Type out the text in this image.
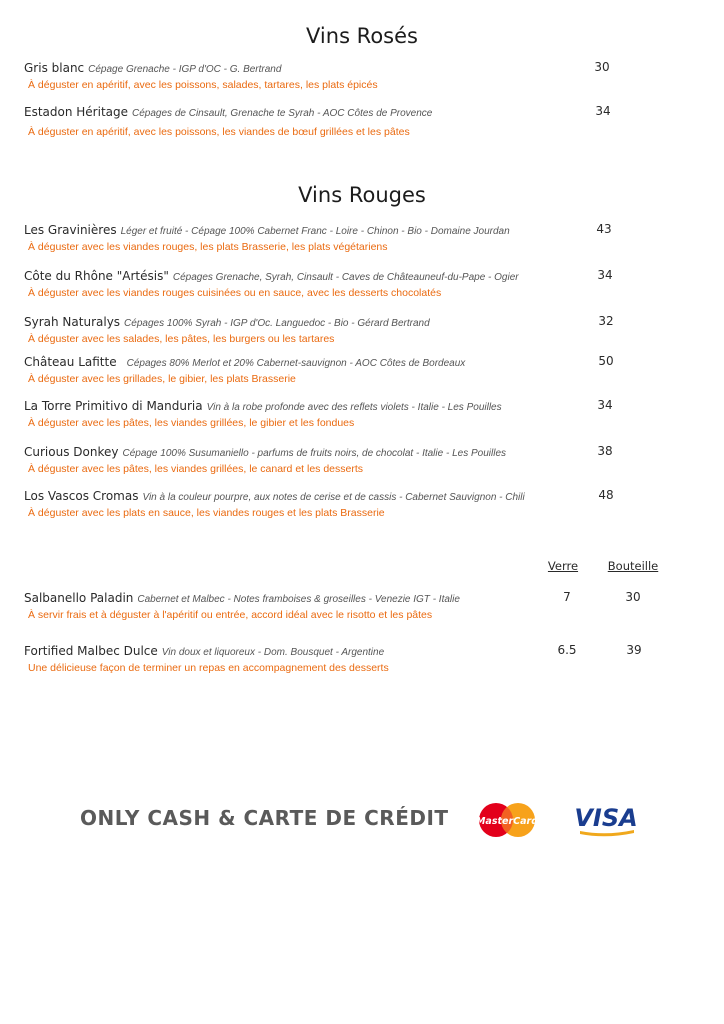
Vins Rosés
Gris blanc Cépage Grenache - IGP d'OC - G. Bertrand
À déguster en apéritif, avec les poissons, salades, tartares, les plats épicés
30
Estadon Héritage Cépages de Cinsault, Grenache te Syrah - AOC Côtes de Provence
À déguster en apéritif, avec les poissons, les viandes de bœuf grillées et les pâtes
34
Vins Rouges
Les Gravinières Léger et fruité - Cépage 100% Cabernet Franc - Loire - Chinon - Bio - Domaine Jourdan
À déguster avec les viandes rouges, les plats Brasserie, les plats végétariens
43
Côte du Rhône "Artésis" Cépages Grenache, Syrah, Cinsault - Caves de Châteauneuf-du-Pape - Ogier
À déguster avec les viandes rouges cuisinées ou en sauce, avec les desserts chocolatés
34
Syrah Naturalys Cépages 100% Syrah - IGP d'Oc. Languedoc - Bio - Gérard Bertrand
À déguster avec les salades, les pâtes, les burgers ou les tartares
32
Château Lafitte Cépages 80% Merlot et 20% Cabernet-sauvignon - AOC Côtes de Bordeaux
À déguster avec les grillades, le gibier, les plats Brasserie
50
La Torre Primitivo di Manduria Vin à la robe profonde avec des reflets violets - Italie - Les Pouilles
À déguster avec les pâtes, les viandes grillées, le gibier et les fondues
34
Curious Donkey Cépage 100% Susumaniello - parfums de fruits noirs, de chocolat - Italie - Les Pouilles
À déguster avec les pâtes, les viandes grillées, le canard et les desserts
38
Los Vascos Cromas Vin à la couleur pourpre, aux notes de cerise et de cassis - Cabernet Sauvignon - Chili
À déguster avec les plats en sauce, les viandes rouges et les plats Brasserie
48
Verre	Bouteille
Salbanello Paladin Cabernet et Malbec - Notes framboises & groseilles - Venezie IGT - Italie
À servir frais et à déguster à l'apéritif ou entrée, accord idéal avec le risotto et les pâtes
7	30
Fortified Malbec Dulce Vin doux et liquoreux - Dom. Bousquet - Argentine
Une délicieuse façon de terminer un repas en accompagnement des desserts
6.5	39
ONLY CASH & CARTE DE CRÉDIT	MasterCard VISA
